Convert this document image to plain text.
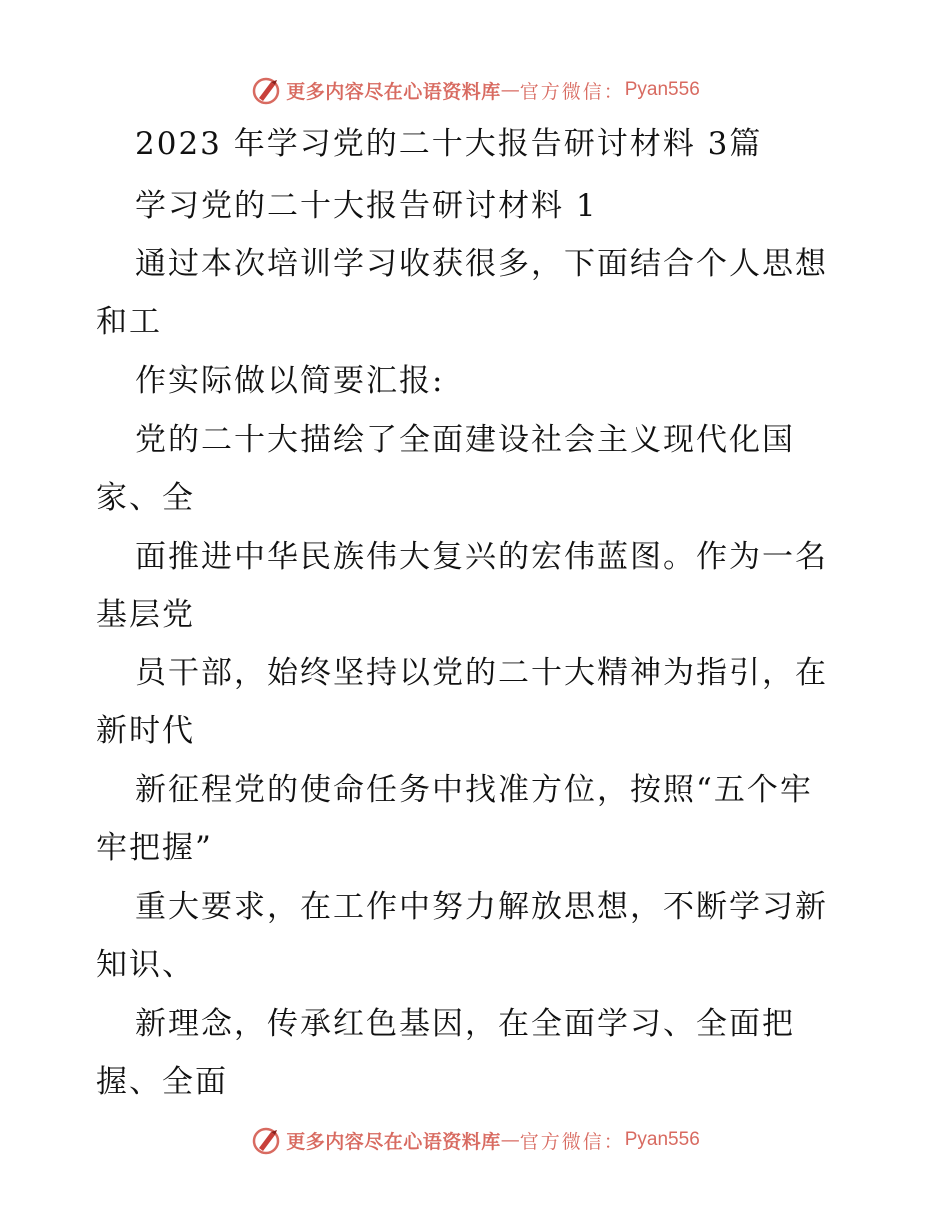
更多内容尽在心语资料库 — 官方微信： Pyan556
2023 年学习党的二十大报告研讨材料 3篇
学习党的二十大报告研讨材料 1
通过本次培训学习收获很多，下面结合个人思想
和工
作实际做以简要汇报:
党的二十大描绘了全面建设社会主义现代化国
家、全
面推进中华民族伟大复兴的宏伟蓝图。作为一名
基层党
员干部，始终坚持以党的二十大精神为指引，在
新时代
新征程党的使命任务中找准方位，按照“五个牢
牢把握”
重大要求，在工作中努力解放思想，不断学习新
知识、
新理念，传承红色基因，在全面学习、全面把
握、全面
更多内容尽在心语资料库 — 官方微信： Pyan556
